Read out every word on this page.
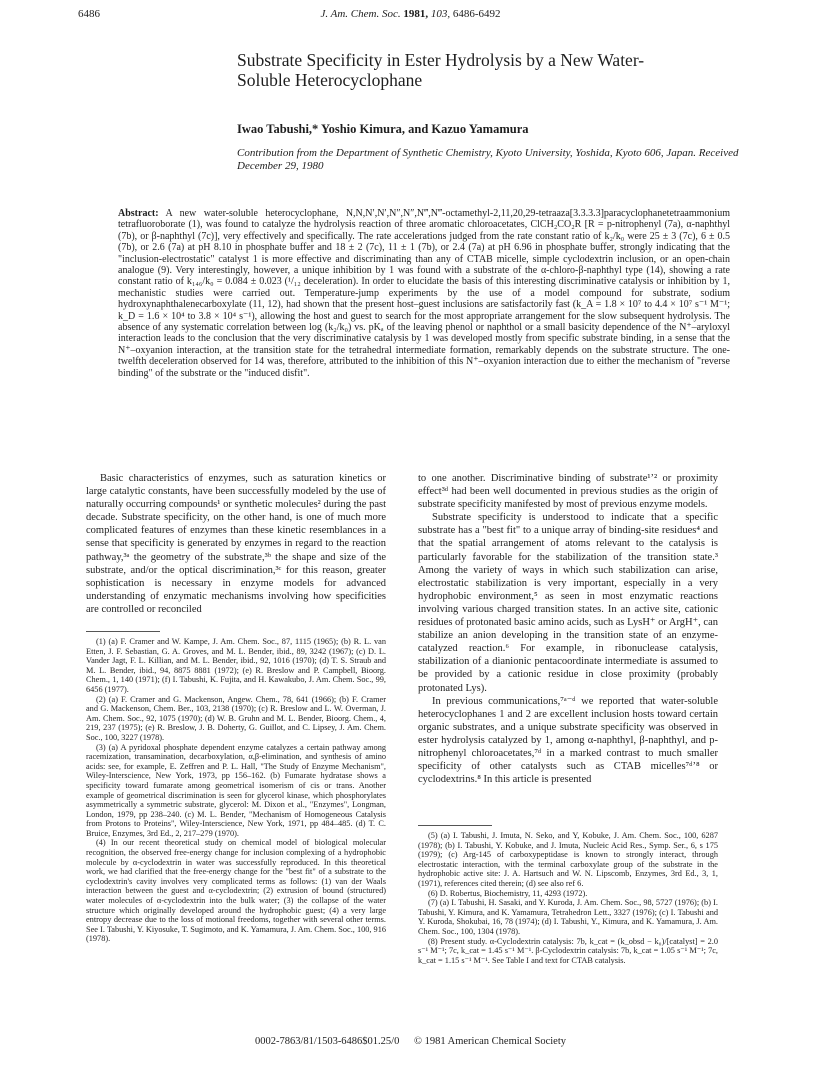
6486	J. Am. Chem. Soc. 1981, 103, 6486-6492
Substrate Specificity in Ester Hydrolysis by a New Water-Soluble Heterocyclophane
Iwao Tabushi,* Yoshio Kimura, and Kazuo Yamamura
Contribution from the Department of Synthetic Chemistry, Kyoto University, Yoshida, Kyoto 606, Japan. Received December 29, 1980

Abstract: A new water-soluble heterocyclophane, N,N,N′,N′,N″,N″,N‴,N‴-octamethyl-2,11,20,29-tetraaza[3.3.3.3]paracyclophanetetraammonium tetrafluoroborate (1), was found to catalyze the hydrolysis reaction of three aromatic chloroacetates, ClCH₂CO₂R [R = p-nitrophenyl (7a), α-naphthyl (7b), or β-naphthyl (7c)], very effectively and specifically. The rate accelerations judged from the rate constant ratio of k₂/k₀ were 25 ± 3 (7c), 6 ± 0.5 (7b), or 2.6 (7a) at pH 8.10 in phosphate buffer and 18 ± 2 (7c), 11 ± 1 (7b), or 2.4 (7a) at pH 6.96 in phosphate buffer, strongly indicating that the "inclusion-electrostatic" catalyst 1 is more effective and discriminating than any of CTAB micelle, simple cyclodextrin inclusion, or an open-chain analogue (9). Very interestingly, however, a unique inhibition by 1 was found with a substrate of the α-chloro-β-naphthyl type (14), showing a rate constant ratio of k₁₄₆/k₀ = 0.084 ± 0.023 (¹/₁₂ deceleration). In order to elucidate the basis of this interesting discriminative catalysis or inhibition by 1, mechanistic studies were carried out. Temperature-jump experiments by the use of a model compound for substrate, sodium hydroxynaphthalenecarboxylate (11, 12), had shown that the present host–guest inclusions are satisfactorily fast (k_A = 1.8 × 10⁷ to 4.4 × 10⁷ s⁻¹ M⁻¹; k_D = 1.6 × 10⁴ to 3.8 × 10⁴ s⁻¹), allowing the host and guest to search for the most appropriate arrangement for the slow subsequent hydrolysis. The absence of any systematic correlation between log (k₂/k₀) vs. pKₐ of the leaving phenol or naphthol or a small basicity dependence of the N⁺–aryloxyl interaction leads to the conclusion that the very discriminative catalysis by 1 was developed mostly from specific substrate binding, in a sense that the N⁺–oxyanion interaction, at the transition state for the tetrahedral intermediate formation, remarkably depends on the substrate structure. The one-twelfth deceleration observed for 14 was, therefore, attributed to the inhibition of this N⁺–oxyanion interaction due to either the mechanism of "reverse binding" of the substrate or the "induced disfit".

Basic characteristics of enzymes, such as saturation kinetics or large catalytic constants, have been successfully modeled by the use of naturally occurring compounds¹ or synthetic molecules² during the past decade. Substrate specificity, on the other hand, is one of much more complicated features of enzymes than these kinetic resemblances in a sense that specificity is generated by enzymes in regard to the reaction pathway,³ᵃ the geometry of the substrate,³ᵇ the shape and size of the substrate, and/or the optical discrimination,³ᶜ for this reason, greater sophistication is necessary in enzyme models for advanced understanding of enzymatic mechanisms involving how specificities are controlled or reconciled

to one another. Discriminative binding of substrate¹ʼ² or proximity effect³ᵈ had been well documented in previous studies as the origin of substrate specificity manifested by most of previous enzyme models.

Substrate specificity is understood to indicate that a specific substrate has a "best fit" to a unique array of binding-site residues⁴ and that the spatial arrangement of atoms relevant to the catalysis is particularly favorable for the stabilization of the transition state.³ Among the variety of ways in which such stabilization can arise, electrostatic stabilization is very important, especially in a very hydrophobic environment,⁵ as seen in most enzymatic reactions involving various charged transition states. In an active site, cationic residues of protonated basic amino acids, such as LysH⁺ or ArgH⁺, can stabilize an anion developing in the transition state of an enzyme-catalyzed reaction.⁶ For example, in ribonuclease catalysis, stabilization of a dianionic pentacoordinate intermediate is assumed to be provided by a cationic residue in close proximity (probably protonated Lys).

In previous communications,⁷ᵃ⁻ᵈ we reported that water-soluble heterocyclophanes 1 and 2 are excellent inclusion hosts toward certain organic substrates, and a unique substrate specificity was observed in ester hydrolysis catalyzed by 1, among α-naphthyl, β-naphthyl, and p-nitrophenyl chloroacetates,⁷ᵈ in a marked contrast to much smaller specificity of other catalysts such as CTAB micelles⁷ᵈʼ⁸ or cyclodextrins.⁸ In this article is presented

(1) (a) F. Cramer and W. Kampe, J. Am. Chem. Soc., 87, 1115 (1965); (b) R. L. van Etten, J. F. Sebastian, G. A. Groves, and M. L. Bender, ibid., 89, 3242 (1967); (c) D. L. Vander Jagt, F. L. Killian, and M. L. Bender, ibid., 92, 1016 (1970); (d) T. S. Straub and M. L. Bender, ibid., 94, 8875 8881 (1972); (e) R. Breslow and P. Campbell, Bioorg. Chem., 1, 140 (1971); (f) I. Tabushi, K. Fujita, and H. Kawakubo, J. Am. Chem. Soc., 99, 6456 (1977).

(2) (a) F. Cramer and G. Mackenson, Angew. Chem., 78, 641 (1966); (b) F. Cramer and G. Mackenson, Chem. Ber., 103, 2138 (1970); (c) R. Breslow and L. W. Overman, J. Am. Chem. Soc., 92, 1075 (1970); (d) W. B. Gruhn and M. L. Bender, Bioorg. Chem., 4, 219, 237 (1975); (e) R. Breslow, J. B. Doherty, G. Guillot, and C. Lipsey, J. Am. Chem. Soc., 100, 3227 (1978).

(3) (a) A pyridoxal phosphate dependent enzyme catalyzes a certain pathway among racemization, transamination, decarboxylation, α,β-elimination, and synthesis of amino acids: see, for example, E. Zeffren and P. L. Hall, "The Study of Enzyme Mechanism", Wiley-Interscience, New York, 1973, pp 156–162. (b) Fumarate hydratase shows a specificity toward fumarate among geometrical isomerism of cis or trans. Another example of geometrical discrimination is seen for glycerol kinase, which phosphorylates asymmetrically a symmetric substrate, glycerol: M. Dixon et al., "Enzymes", Longman, London, 1979, pp 238–240. (c) M. L. Bender, "Mechanism of Homogeneous Catalysis from Protons to Proteins", Wiley-Interscience, New York, 1971, pp 484–485. (d) T. C. Bruice, Enzymes, 3rd Ed., 2, 217–279 (1970).

(4) In our recent theoretical study on chemical model of biological molecular recognition, the observed free-energy change for inclusion complexing of a hydrophobic molecule by α-cyclodextrin in water was successfully reproduced. In this theoretical work, we had clarified that the free-energy change for the "best fit" of a substrate to the cyclodextrin's cavity involves very complicated terms as follows: (1) van der Waals interaction between the guest and α-cyclodextrin; (2) extrusion of bound (structured) water molecules of α-cyclodextrin into the bulk water; (3) the collapse of the water structure which originally developed around the hydrophobic guest; (4) a very large entropy decrease due to the loss of motional freedoms, together with several other terms. See I. Tabushi, Y. Kiyosuke, T. Sugimoto, and K. Yamamura, J. Am. Chem. Soc., 100, 916 (1978).

(5) (a) I. Tabushi, J. Imuta, N. Seko, and Y, Kobuke, J. Am. Chem. Soc., 100, 6287 (1978); (b) I. Tabushi, Y. Kobuke, and J. Imuta, Nucleic Acid Res., Symp. Ser., 6, s 175 (1979); (c) Arg-145 of carboxypeptidase is known to strongly interact, through electrostatic interaction, with the terminal carboxylate group of the substrate in the hydrophobic active site: J. A. Hartsuch and W. N. Lipscomb, Enzymes, 3rd Ed., 3, 1, (1971), references cited therein; (d) see also ref 6.

(6) D. Robertus, Biochemistry, 11, 4293 (1972).

(7) (a) I. Tabushi, H. Sasaki, and Y. Kuroda, J. Am. Chem. Soc., 98, 5727 (1976); (b) I. Tabushi, Y. Kimura, and K. Yamamura, Tetrahedron Lett., 3327 (1976); (c) I. Tabushi and Y. Kuroda, Shokubai, 16, 78 (1974); (d) I. Tabushi, Y., Kimura, and K. Yamamura, J. Am. Chem. Soc., 100, 1304 (1978).

(8) Present study. α-Cyclodextrin catalysis: 7b, k_cat = (k_obsd − k₀)/[catalyst] = 2.0 s⁻¹ M⁻¹; 7c, k_cat = 1.45 s⁻¹ M⁻¹. β-Cyclodextrin catalysis: 7b, k_cat = 1.05 s⁻¹ M⁻¹; 7c, k_cat = 1.15 s⁻¹ M⁻¹. See Table I and text for CTAB catalysis.

0002-7863/81/1503-6486$01.25/0 © 1981 American Chemical Society
